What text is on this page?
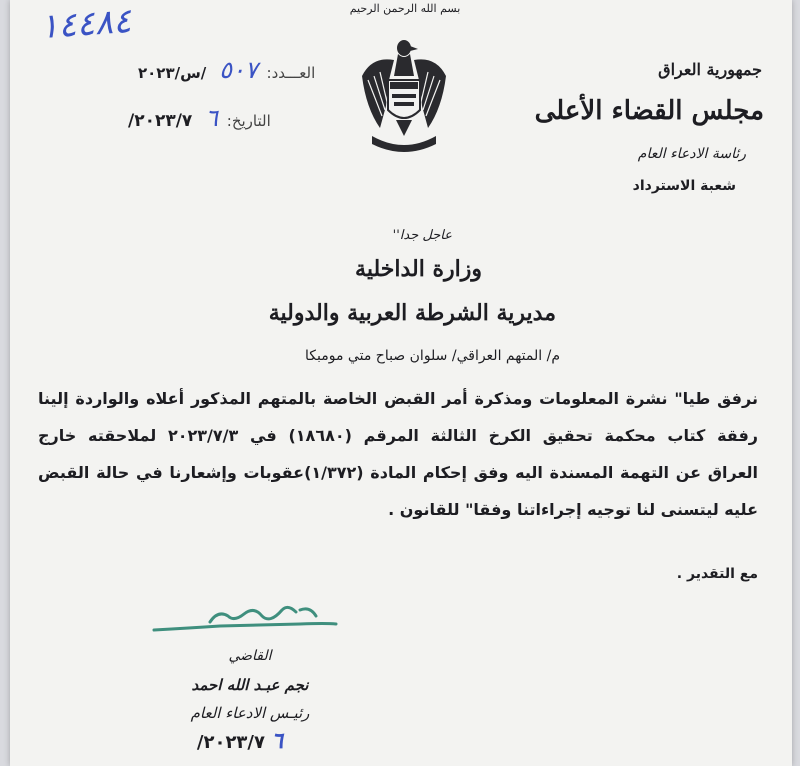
بسم الله الرحمن الرحيم
١٤٤٨٤
العـــدد: ٥٠٧ /س/٢٠٢٣
التاريخ: ٦ ٢٠٢٣/٧/
جمهورية العراق
مجلس القضاء الأعلى
رئاسة الادعاء العام
شعبة الاسترداد
عاجل جدا''
وزارة الداخلية
مديرية الشرطة العربية والدولية
م/ المتهم العراقي/ سلوان صباح متي مومبكا
نرفق طيا" نشرة المعلومات ومذكرة أمر القبض الخاصة بالمتهم المذكور أعلاه والواردة إلينا
رفقة كتاب محكمة تحقيق الكرخ الثالثة المرقم (١٨٦٨٠) في ٢٠٢٣/٧/٣ لملاحقته خارج
العراق عن التهمة المسندة اليه وفق إحكام المادة (١/٣٧٢)عقوبات وإشعارنا في حالة القبض
عليه ليتسنى لنا توجيه إجراءاتنا وفقا" للقانون .
مع التقدير .
القاضي
نجم عبـد الله احمد
رئيـس الادعاء العام
٦ ٢٠٢٣/٧/
